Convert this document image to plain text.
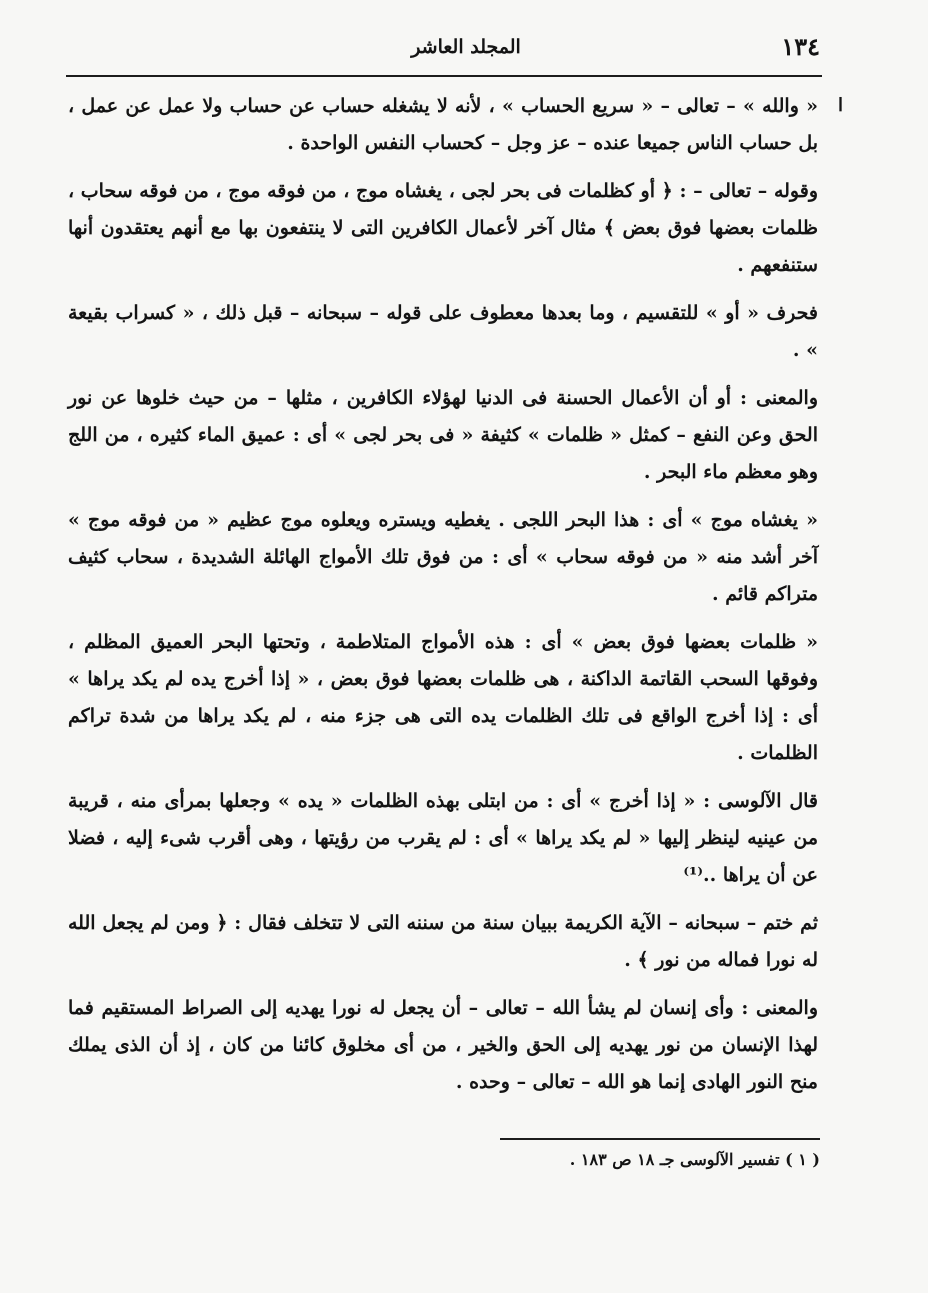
١٣٤
المجلد العاشر
ا

« والله » – تعالى – « سريع الحساب » ، لأنه لا يشغله حساب عن حساب ولا عمل عن عمل ، بل حساب الناس جميعا عنده – عز وجل – كحساب النفس الواحدة .

وقوله – تعالى – : ﴿ أو كظلمات فى بحر لجى ، يغشاه موج ، من فوقه موج ، من فوقه سحاب ، ظلمات بعضها فوق بعض ﴾ مثال آخر لأعمال الكافرين التى لا ينتفعون بها مع أنهم يعتقدون أنها ستنفعهم .

فحرف « أو » للتقسيم ، وما بعدها معطوف على قوله – سبحانه – قبل ذلك ، « كسراب بقيعة » .

والمعنى : أو أن الأعمال الحسنة فى الدنيا لهؤلاء الكافرين ، مثلها – من حيث خلوها عن نور الحق وعن النفع – كمثل « ظلمات » كثيفة « فى بحر لجى » أى : عميق الماء كثيره ، من اللج وهو معظم ماء البحر .

« يغشاه موج » أى : هذا البحر اللجى . يغطيه ويستره ويعلوه موج عظيم « من فوقه موج » آخر أشد منه « من فوقه سحاب » أى : من فوق تلك الأمواج الهائلة الشديدة ، سحاب كثيف متراكم قائم .

« ظلمات بعضها فوق بعض » أى : هذه الأمواج المتلاطمة ، وتحتها البحر العميق المظلم ، وفوقها السحب القاتمة الداكنة ، هى ظلمات بعضها فوق بعض ، « إذا أخرج يده لم يكد يراها » أى : إذا أخرج الواقع فى تلك الظلمات يده التى هى جزء منه ، لم يكد يراها من شدة تراكم الظلمات .

قال الآلوسى : « إذا أخرج » أى : من ابتلى بهذه الظلمات « يده » وجعلها بمرأى منه ، قريبة من عينيه لينظر إليها « لم يكد يراها » أى : لم يقرب من رؤيتها ، وهى أقرب شىء إليه ، فضلا عن أن يراها ..⁽¹⁾

ثم ختم – سبحانه – الآية الكريمة ببيان سنة من سننه التى لا تتخلف فقال : ﴿ ومن لم يجعل الله له نورا فماله من نور ﴾ .

والمعنى : وأى إنسان لم يشأ الله – تعالى – أن يجعل له نورا يهديه إلى الصراط المستقيم فما لهذا الإنسان من نور يهديه إلى الحق والخير ، من أى مخلوق كائنا من كان ، إذ أن الذى يملك منح النور الهادى إنما هو الله – تعالى – وحده .

( ١ ) تفسير الآلوسى جـ ١٨ ص ١٨٣ .
